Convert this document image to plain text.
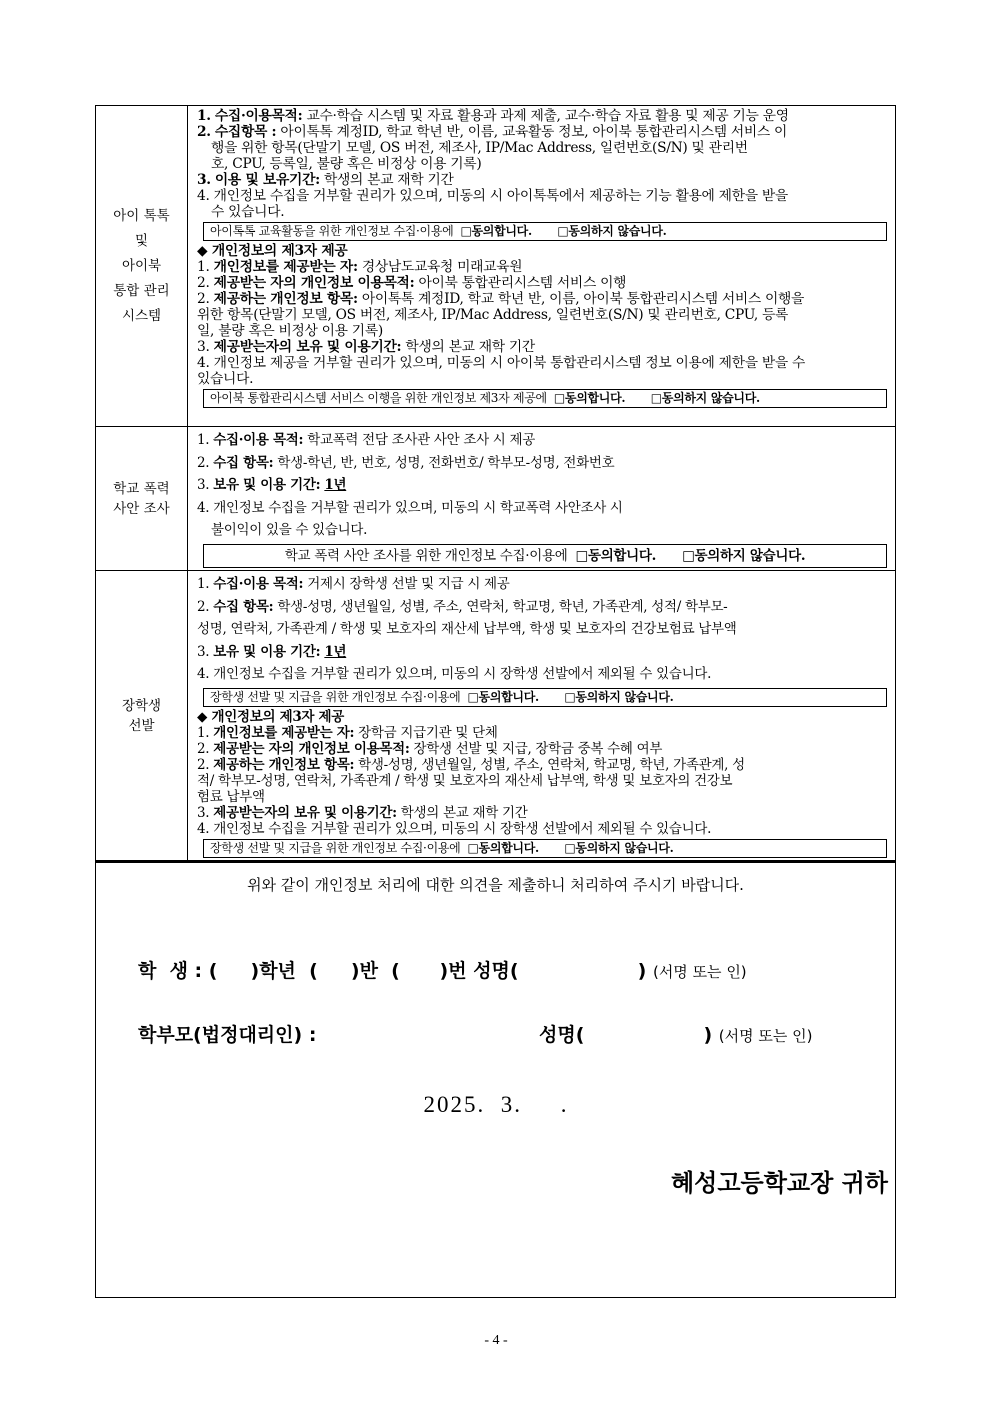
아이 톡톡
및
아이북
통합 관리
시스템
1. 수집·이용목적: 교수·학습 시스템 및 자료 활용과 과제 제출, 교수·학습 자료 활용 및 제공 기능 운영
2. 수집항목 : 아이톡톡 계정ID, 학교 학년 반, 이름, 교육활동 정보, 아이북 통합관리시스템 서비스 이
행을 위한 항목(단말기 모델, OS 버전, 제조사, IP/Mac Address, 일련번호(S/N) 및 관리번
호, CPU, 등록일, 불량 혹은 비정상 이용 기록)
3. 이용 및 보유기간: 학생의 본교 재학 기간
4. 개인정보 수집을 거부할 권리가 있으며, 미동의 시 아이톡톡에서 제공하는 기능 활용에 제한을 받을
수 있습니다.
아이톡톡 교육활동을 위한 개인정보 수집·이용에 □동의합니다. □동의하지 않습니다.
◆ 개인정보의 제3자 제공
1. 개인정보를 제공받는 자: 경상남도교육청 미래교육원
2. 제공받는 자의 개인정보 이용목적: 아이북 통합관리시스템 서비스 이행
2. 제공하는 개인정보 항목: 아이톡톡 계정ID, 학교 학년 반, 이름, 아이북 통합관리시스템 서비스 이행을
위한 항목(단말기 모델, OS 버전, 제조사, IP/Mac Address, 일련번호(S/N) 및 관리번호, CPU, 등록
일, 불량 혹은 비정상 이용 기록)
3. 제공받는자의 보유 및 이용기간: 학생의 본교 재학 기간
4. 개인정보 제공을 거부할 권리가 있으며, 미동의 시 아이북 통합관리시스템 정보 이용에 제한을 받을 수
있습니다.
아이북 통합관리시스템 서비스 이행을 위한 개인정보 제3자 제공에 □동의합니다. □동의하지 않습니다.
학교 폭력
사안 조사
1. 수집·이용 목적: 학교폭력 전담 조사관 사안 조사 시 제공
2. 수집 항목: 학생-학년, 반, 번호, 성명, 전화번호/ 학부모-성명, 전화번호
3. 보유 및 이용 기간: 1년
4. 개인정보 수집을 거부할 권리가 있으며, 미동의 시 학교폭력 사안조사 시
불이익이 있을 수 있습니다.
학교 폭력 사안 조사를 위한 개인정보 수집·이용에 □동의합니다. □동의하지 않습니다.
장학생
선발
1. 수집·이용 목적: 거제시 장학생 선발 및 지급 시 제공
2. 수집 항목: 학생-성명, 생년월일, 성별, 주소, 연락처, 학교명, 학년, 가족관계, 성적/ 학부모-
성명, 연락처, 가족관계 / 학생 및 보호자의 재산세 납부액, 학생 및 보호자의 건강보험료 납부액
3. 보유 및 이용 기간: 1년
4. 개인정보 수집을 거부할 권리가 있으며, 미동의 시 장학생 선발에서 제외될 수 있습니다.
장학생 선발 및 지급을 위한 개인정보 수집·이용에 □동의합니다. □동의하지 않습니다.
◆ 개인정보의 제3자 제공
1. 개인정보를 제공받는 자: 장학금 지급기관 및 단체
2. 제공받는 자의 개인정보 이용목적: 장학생 선발 및 지급, 장학금 중복 수혜 여부
2. 제공하는 개인정보 항목: 학생-성명, 생년월일, 성별, 주소, 연락처, 학교명, 학년, 가족관계, 성
적/ 학부모-성명, 연락처, 가족관계 / 학생 및 보호자의 재산세 납부액, 학생 및 보호자의 건강보
험료 납부액
3. 제공받는자의 보유 및 이용기간: 학생의 본교 재학 기간
4. 개인정보 수집을 거부할 권리가 있으며, 미동의 시 장학생 선발에서 제외될 수 있습니다.
장학생 선발 및 지급을 위한 개인정보 수집·이용에 □동의합니다. □동의하지 않습니다.
위와 같이 개인정보 처리에 대한 의견을 제출하니 처리하여 주시기 바랍니다.
학  생 : (     )학년  (     )반  (      )번 성명(                  ) (서명 또는 인)
학부모(법정대리인) :	성명(                  ) (서명 또는 인)
2025.  3.     .
혜성고등학교장 귀하
- 4 -
